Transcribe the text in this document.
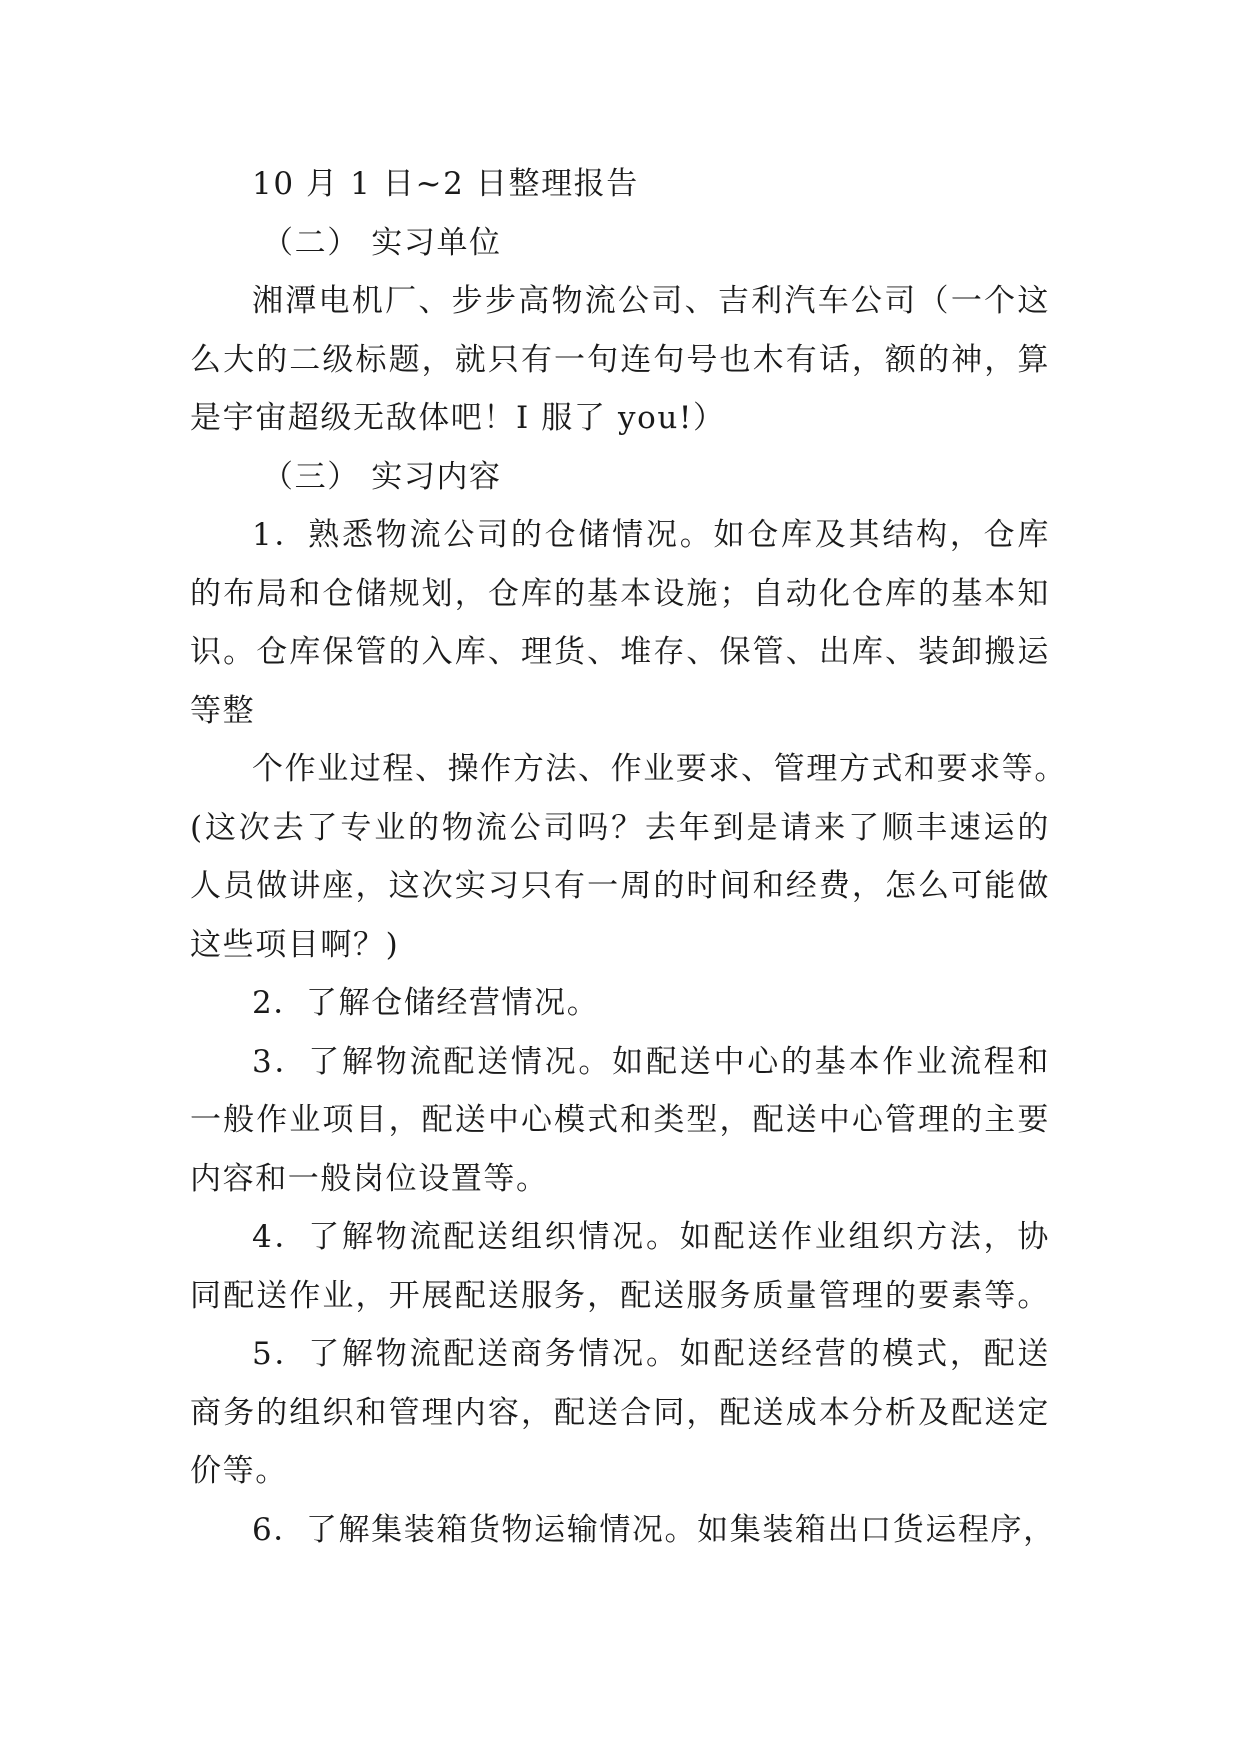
10 月 1 日~2 日整理报告
（二） 实习单位
湘潭电机厂、步步高物流公司、吉利汽车公司（一个这
么大的二级标题，就只有一句连句号也木有话，额的神，算
是宇宙超级无敌体吧！I 服了 you!）
（三） 实习内容
1．熟悉物流公司的仓储情况。如仓库及其结构，仓库
的布局和仓储规划，仓库的基本设施；自动化仓库的基本知
识。仓库保管的入库、理货、堆存、保管、出库、装卸搬运
等整
个作业过程、操作方法、作业要求、管理方式和要求等。
(这次去了专业的物流公司吗？去年到是请来了顺丰速运的
人员做讲座，这次实习只有一周的时间和经费，怎么可能做
这些项目啊？)
2．了解仓储经营情况。
3．了解物流配送情况。如配送中心的基本作业流程和
一般作业项目，配送中心模式和类型，配送中心管理的主要
内容和一般岗位设置等。
4．了解物流配送组织情况。如配送作业组织方法，协
同配送作业，开展配送服务，配送服务质量管理的要素等。
5．了解物流配送商务情况。如配送经营的模式，配送
商务的组织和管理内容，配送合同，配送成本分析及配送定
价等。
6．了解集装箱货物运输情况。如集装箱出口货运程序，
